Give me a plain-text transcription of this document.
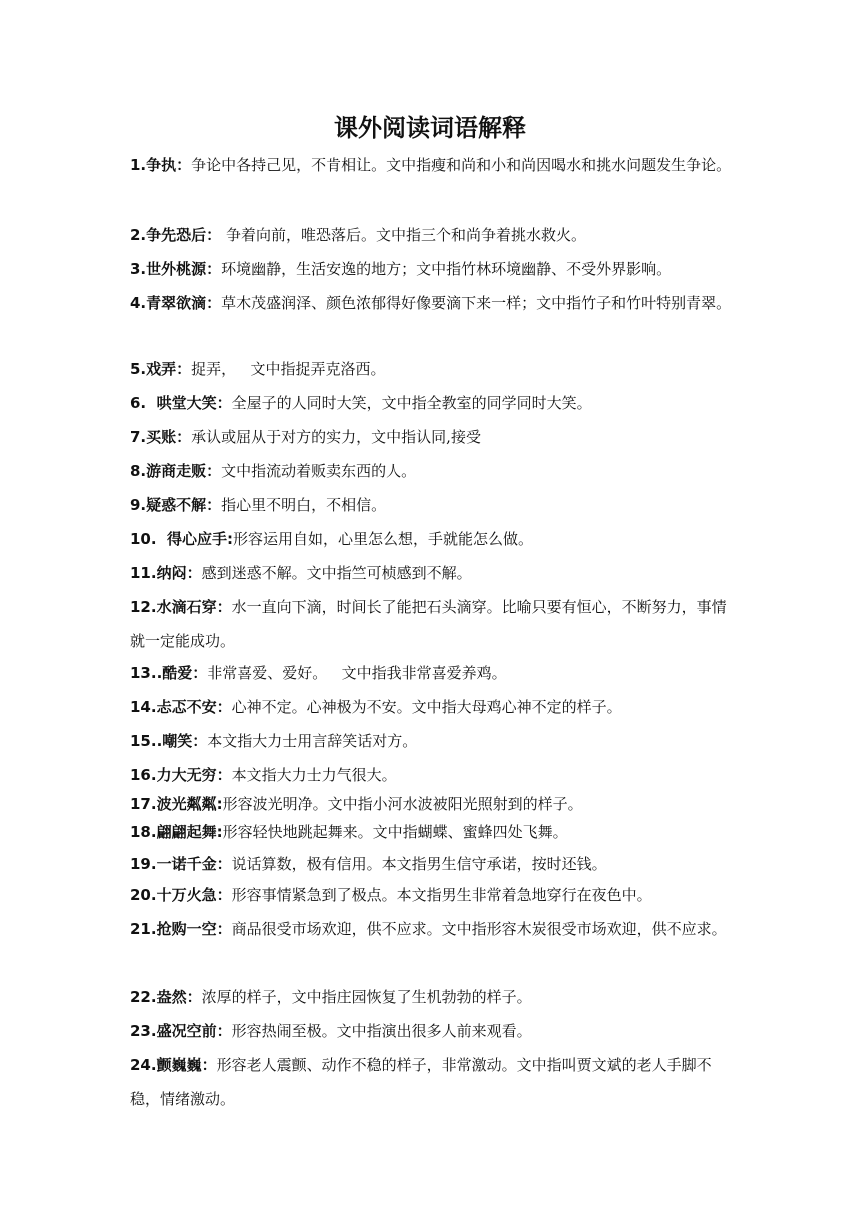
课外阅读词语解释
1.争执：争论中各持己见，不肯相让。文中指瘦和尚和小和尚因喝水和挑水问题发生争论。
2.争先恐后： 争着向前，唯恐落后。文中指三个和尚争着挑水救火。
3.世外桃源：环境幽静，生活安逸的地方；文中指竹林环境幽静、不受外界影响。
4.青翠欲滴：草木茂盛润泽、颜色浓郁得好像要滴下来一样；文中指竹子和竹叶特别青翠。
5.戏弄：捉弄，   文中指捉弄克洛西。
6.  哄堂大笑：全屋子的人同时大笑，文中指全教室的同学同时大笑。
7.买账：承认或屈从于对方的实力，文中指认同,接受
8.游商走贩：文中指流动着贩卖东西的人。
9.疑惑不解：指心里不明白，不相信。
10.  得心应手:形容运用自如，心里怎么想，手就能怎么做。
11.纳闷：感到迷惑不解。文中指竺可桢感到不解。
12.水滴石穿：水一直向下滴，时间长了能把石头滴穿。比喻只要有恒心，不断努力，事情就一定能成功。
13..酷爱：非常喜爱、爱好。   文中指我非常喜爱养鸡。
14.忐忑不安：心神不定。心神极为不安。文中指大母鸡心神不定的样子。
15..嘲笑：本文指大力士用言辞笑话对方。
16.力大无穷：本文指大力士力气很大。
17.波光粼粼:形容波光明净。文中指小河水波被阳光照射到的样子。
18.翩翩起舞:形容轻快地跳起舞来。文中指蝴蝶、蜜蜂四处飞舞。
19.一诺千金：说话算数，极有信用。本文指男生信守承诺，按时还钱。
20.十万火急：形容事情紧急到了极点。本文指男生非常着急地穿行在夜色中。
21.抢购一空：商品很受市场欢迎，供不应求。文中指形容木炭很受市场欢迎，供不应求。
22.盎然：浓厚的样子，文中指庄园恢复了生机勃勃的样子。
23.盛况空前：形容热闹至极。文中指演出很多人前来观看。
24.颤巍巍：形容老人震颤、动作不稳的样子，非常激动。文中指叫贾文斌的老人手脚不稳，情绪激动。
